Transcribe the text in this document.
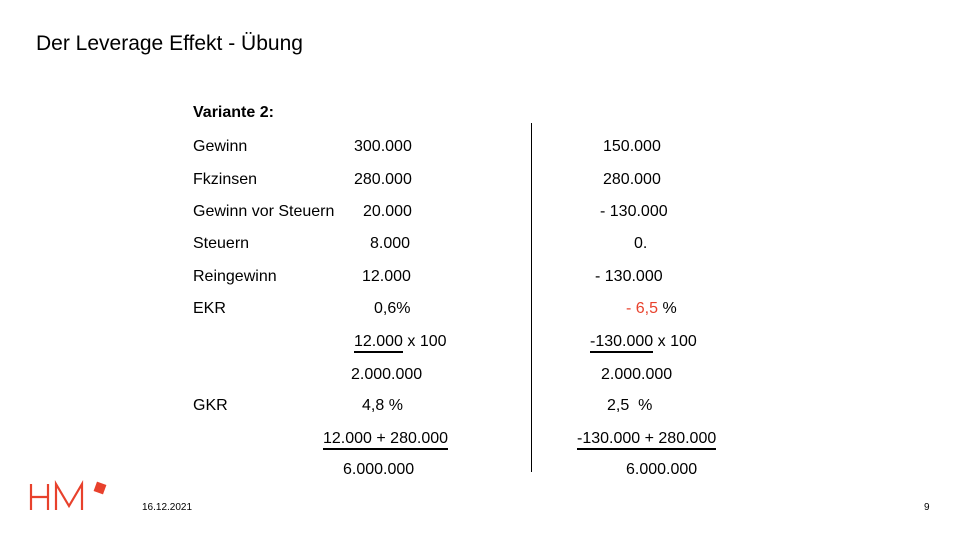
Der Leverage Effekt - Übung
Variante 2:
Gewinn	300.000	150.000
Fkzinsen	280.000	280.000
Gewinn vor Steuern 20.000	- 130.000
Steuern	8.000	0.
Reingewinn	12.000	- 130.000
EKR	0,6%	- 6,5 %
12.000 x 100	-130.000 x 100
2.000.000	2.000.000
GKR	4,8 %	2,5  %
12.000 + 280.000	-130.000 + 280.000
6.000.000	6.000.000
16.12.2021	9
